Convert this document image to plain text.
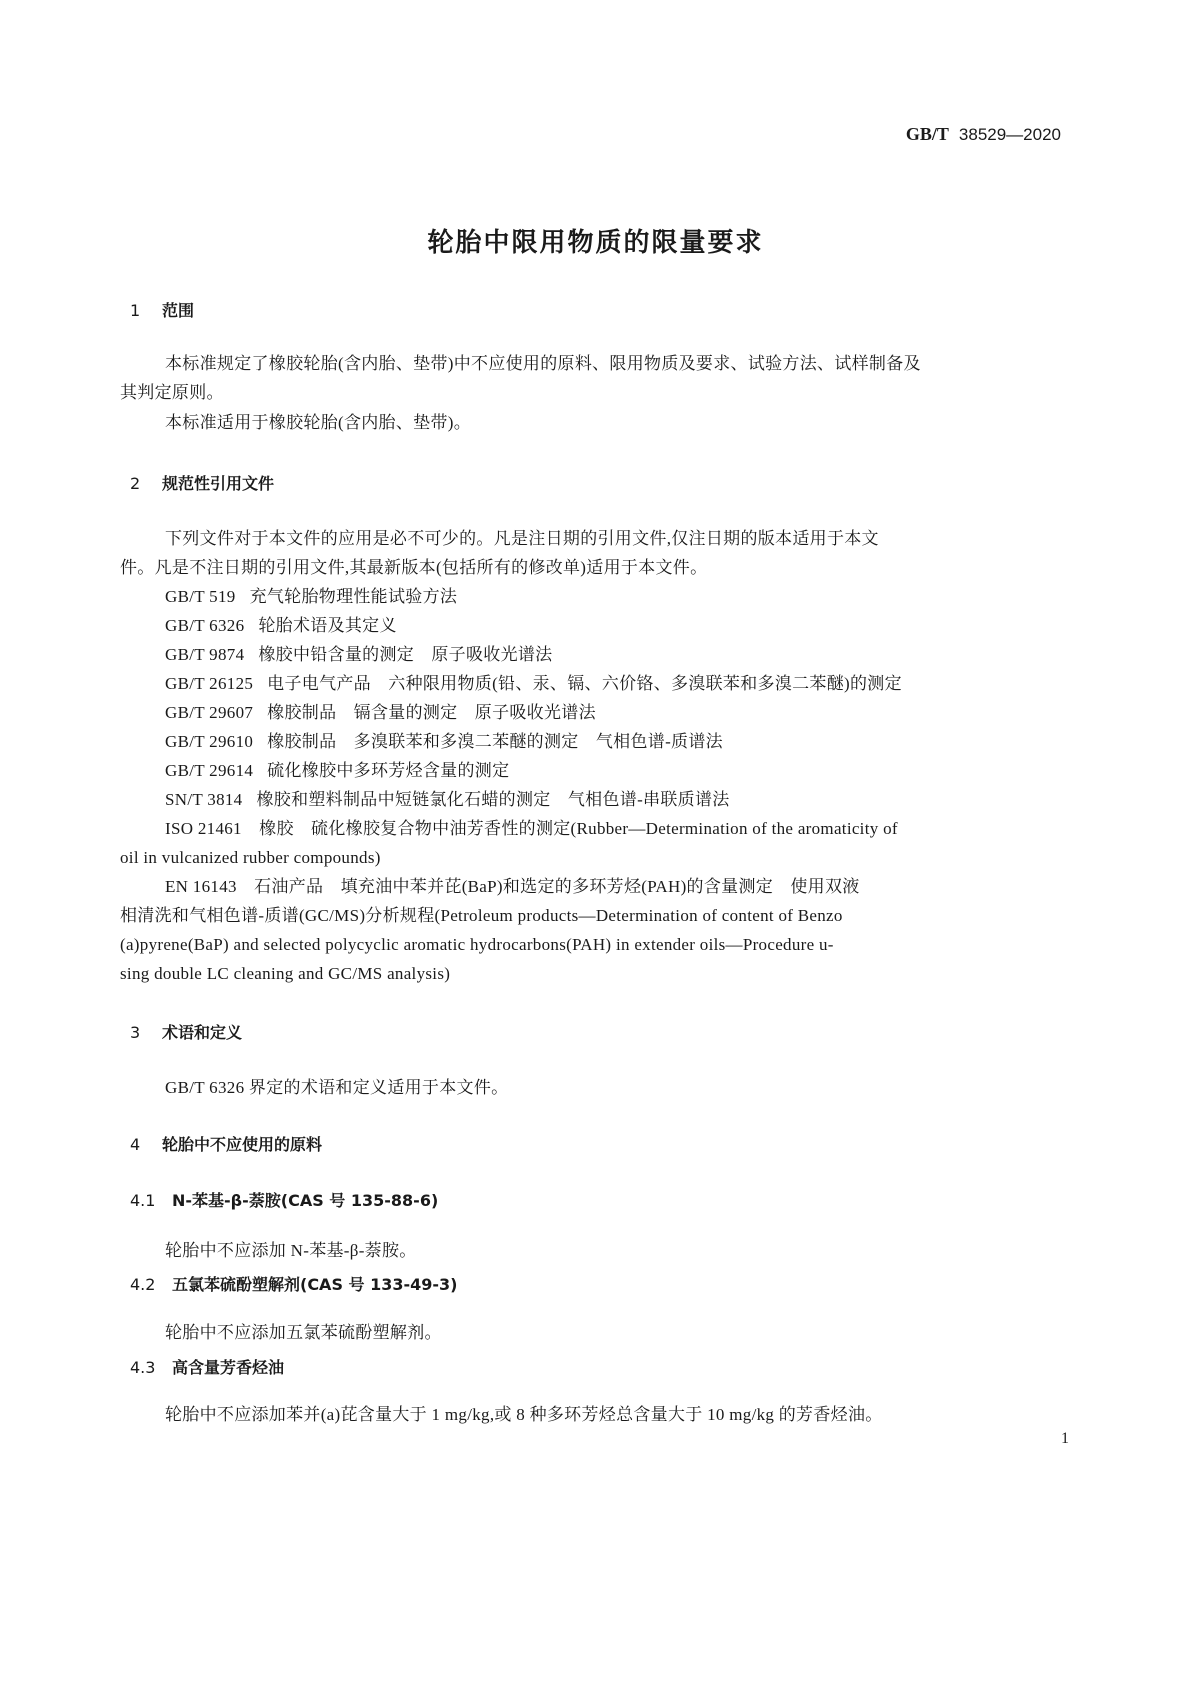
GB/T 38529—2020
轮胎中限用物质的限量要求
1 范围
本标准规定了橡胶轮胎(含内胎、垫带)中不应使用的原料、限用物质及要求、试验方法、试样制备及
其判定原则。
本标准适用于橡胶轮胎(含内胎、垫带)。
2 规范性引用文件
下列文件对于本文件的应用是必不可少的。凡是注日期的引用文件,仅注日期的版本适用于本文
件。凡是不注日期的引用文件,其最新版本(包括所有的修改单)适用于本文件。
GB/T 519 充气轮胎物理性能试验方法
GB/T 6326 轮胎术语及其定义
GB/T 9874 橡胶中铅含量的测定　原子吸收光谱法
GB/T 26125 电子电气产品　六种限用物质(铅、汞、镉、六价铬、多溴联苯和多溴二苯醚)的测定
GB/T 29607 橡胶制品　镉含量的测定　原子吸收光谱法
GB/T 29610 橡胶制品　多溴联苯和多溴二苯醚的测定　气相色谱-质谱法
GB/T 29614 硫化橡胶中多环芳烃含量的测定
SN/T 3814 橡胶和塑料制品中短链氯化石蜡的测定　气相色谱-串联质谱法
ISO 21461　橡胶　硫化橡胶复合物中油芳香性的测定(Rubber—Determination of the aromaticity of
oil in vulcanized rubber compounds)
EN 16143　石油产品　填充油中苯并芘(BaP)和选定的多环芳烃(PAH)的含量测定　使用双液
相清洗和气相色谱-质谱(GC/MS)分析规程(Petroleum products—Determination of content of Benzo
(a)pyrene(BaP) and selected polycyclic aromatic hydrocarbons(PAH) in extender oils—Procedure u-
sing double LC cleaning and GC/MS analysis)
3 术语和定义
GB/T 6326 界定的术语和定义适用于本文件。
4 轮胎中不应使用的原料
4.1 N-苯基-β-萘胺(CAS 号 135-88-6)
轮胎中不应添加 N-苯基-β-萘胺。
4.2 五氯苯硫酚塑解剂(CAS 号 133-49-3)
轮胎中不应添加五氯苯硫酚塑解剂。
4.3 高含量芳香烃油
轮胎中不应添加苯并(a)芘含量大于 1 mg/kg,或 8 种多环芳烃总含量大于 10 mg/kg 的芳香烃油。
1
